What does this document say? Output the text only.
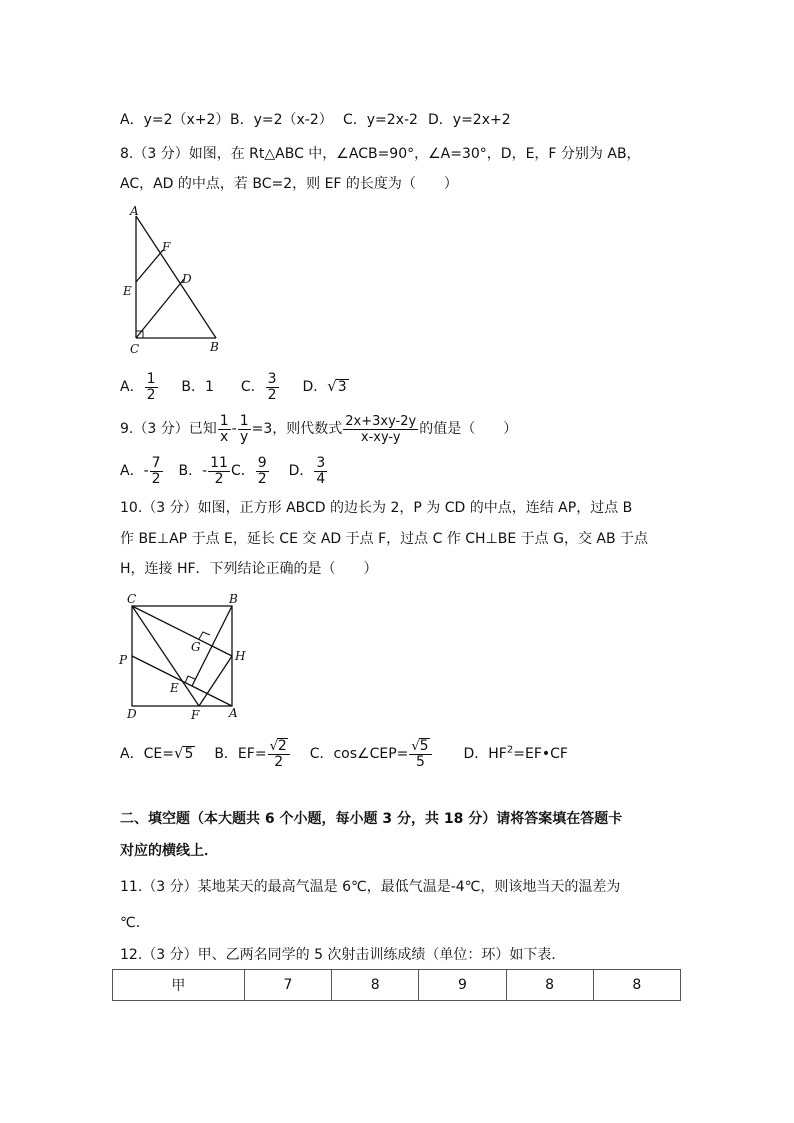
A．y=2（x+2） B．y=2（x-2） C．y=2x-2 D．y=2x+2
8.（3 分）如图，在 Rt△ABC 中，∠ACB=90°，∠A=30°，D，E，F 分别为 AB，
AC，AD 的中点，若 BC=2，则 EF 的长度为（　　）
A
F
D
E
C	B
A． $\frac{1}{2}$ B．1 C． $\frac{3}{2}$ D．√3
9.（3 分）已知 $\frac{1}{x} - \frac{1}{y} =3$，则代数式 $\frac{2x+3xy-2y}{x-xy-y}$ 的值是（　　）
A．- $\frac{7}{2}$ B．- $\frac{11}{2}$ C． $\frac{9}{2}$ D． $\frac{3}{4}$
10.（3 分）如图，正方形 ABCD 的边长为 2，P 为 CD 的中点，连结 AP，过点 B
作 BE⊥AP 于点 E，延长 CE 交 AD 于点 F，过点 C 作 CH⊥BE 于点 G，交 AB 于点
H，连接 HF．下列结论正确的是（　　）
C	B
P
G
H
E
D	F A
A．CE=√5 B．$EF= \frac{√2}{2}$ C．cos∠CEP= $\frac{√5}{5}$ D．$HF^2=EF•CF$
二、填空题（本大题共 6 个小题，每小题 3 分，共 18 分）请将答案填在答题卡
对应的横线上．
11.（3 分）某地某天的最高气温是 6℃，最低气温是-4℃，则该地当天的温差为
℃．
12.（3 分）甲、乙两名同学的 5 次射击训练成绩（单位：环）如下表．
甲	7	8	9	8	8
